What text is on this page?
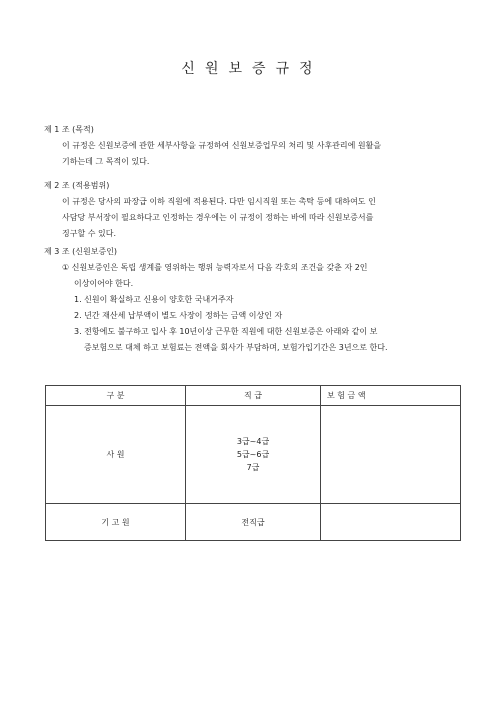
신원보증규정

제 1 조 (목적)

이 규정은 신원보증에 관한 세부사항을 규정하여 신원보증업무의 처리 및 사후관리에 원활을

기하는데 그 목적이 있다.

제 2 조 (적용범위)

이 규정은 당사의 파장급 이하 직원에 적용된다. 다만 임시직원 또는 촉탁 등에 대하여도 인

사담당 부서장이 필요하다고 인정하는 경우에는 이 규정이 정하는 바에 따라 신원보증서를

징구할 수 있다.

제 3 조 (신원보증인)

① 신원보증인은 독립 생계를 영위하는 행위 능력자로서 다음 각호의 조건을 갖춘 자 2인

이상이어야 한다.

1. 신원이 확실하고 신용이 양호한 국내거주자

2. 년간 재산세 납부액이 별도 사장이 정하는 금액 이상인 자

3. 전항에도 불구하고 입사 후 10년이상 근무한 직원에 대한 신원보증은 아래와 같이 보

증보험으로 대체 하고 보험료는 전액을 회사가 부담하며, 보험가입기간은 3년으로 한다.

구 분	직 급	보 험 금 액
사 원	3급~4급
5급~6급
7급	

기 고 원	전직급	
